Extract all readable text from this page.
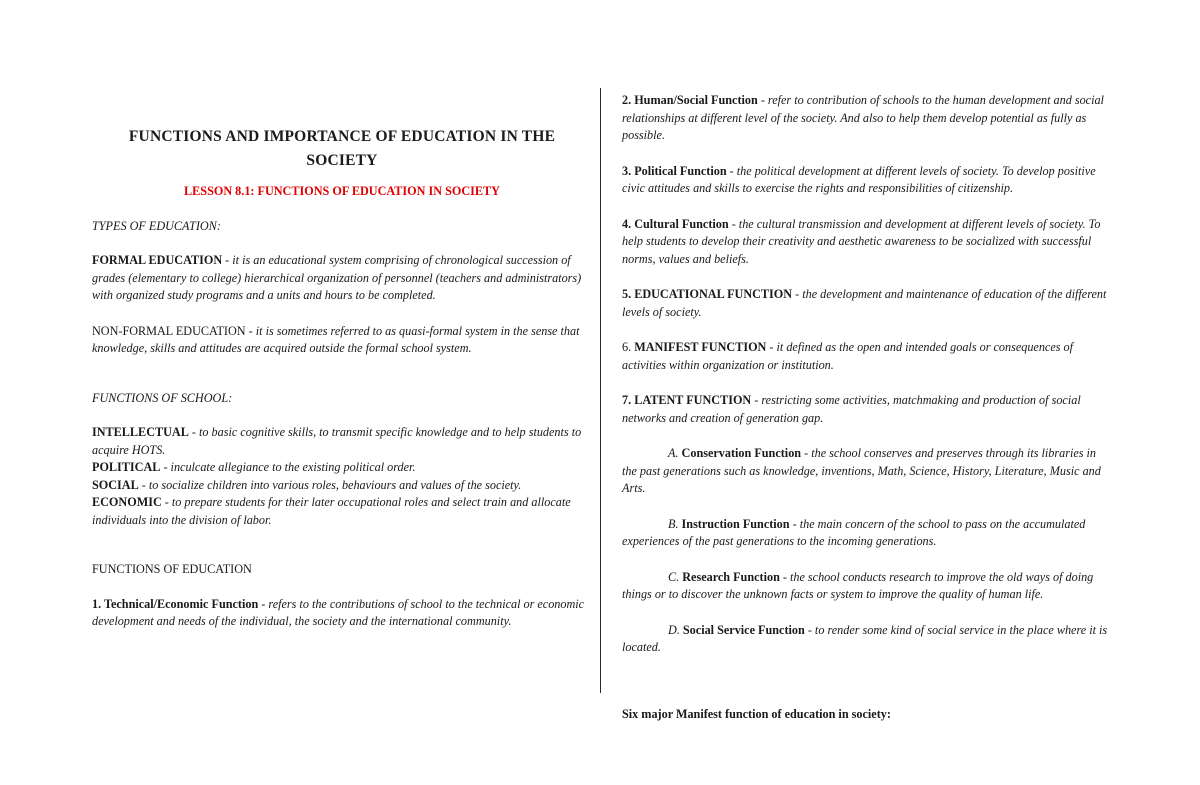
FUNCTIONS AND IMPORTANCE OF EDUCATION IN THE SOCIETY
LESSON 8.1: FUNCTIONS OF EDUCATION IN SOCIETY

TYPES OF EDUCATION:

FORMAL EDUCATION - it is an educational system comprising of chronological succession of grades (elementary to college) hierarchical organization of personnel (teachers and administrators) with organized study programs and a units and hours to be completed.

NON-FORMAL EDUCATION - it is sometimes referred to as quasi-formal system in the sense that knowledge, skills and attitudes are acquired outside the formal school system.

FUNCTIONS OF SCHOOL:

INTELLECTUAL - to basic cognitive skills, to transmit specific knowledge and to help students to acquire HOTS.

POLITICAL - inculcate allegiance to the existing political order.

SOCIAL - to socialize children into various roles, behaviours and values of the society.

ECONOMIC - to prepare students for their later occupational roles and select train and allocate individuals into the division of labor.

FUNCTIONS OF EDUCATION

1. Technical/Economic Function - refers to the contributions of school to the technical or economic development and needs of the individual, the society and the international community.

2. Human/Social Function - refer to contribution of schools to the human development and social relationships at different level of the society. And also to help them develop potential as fully as possible.

3. Political Function - the political development at different levels of society. To develop positive civic attitudes and skills to exercise the rights and responsibilities of citizenship.

4. Cultural Function - the cultural transmission and development at different levels of society. To help students to develop their creativity and aesthetic awareness to be socialized with successful norms, values and beliefs.

5. EDUCATIONAL FUNCTION - the development and maintenance of education of the different levels of society.

6. MANIFEST FUNCTION - it defined as the open and intended goals or consequences of activities within organization or institution.

7. LATENT FUNCTION - restricting some activities, matchmaking and production of social networks and creation of generation gap.

A. Conservation Function - the school conserves and preserves through its libraries in the past generations such as knowledge, inventions, Math, Science, History, Literature, Music and Arts.

B. Instruction Function - the main concern of the school to pass on the accumulated experiences of the past generations to the incoming generations.

C. Research Function - the school conducts research to improve the old ways of doing things or to discover the unknown facts or system to improve the quality of human life.

D. Social Service Function - to render some kind of social service in the place where it is located.

Six major Manifest function of education in society:
